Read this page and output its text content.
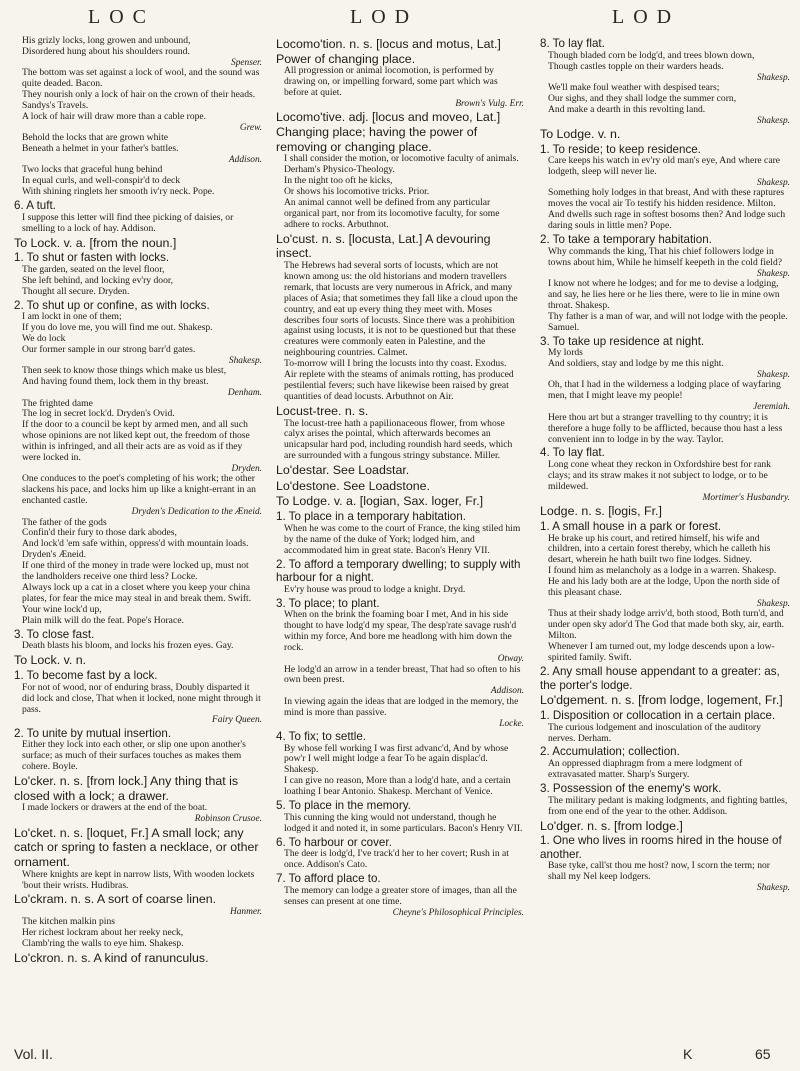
LOC	LOD	LOD

His grizly locks, long growen and unbound,

Disordered hung about his shoulders round.

Spenser.

The bottom was set against a lock of wool, and the sound was quite deaded. Bacon.

They nourish only a lock of hair on the crown of their heads. Sandys's Travels.

A lock of hair will draw more than a cable rope.

Grew.

Behold the locks that are grown white

Beneath a helmet in your father's battles.

Addison.

Two locks that graceful hung behind

In equal curls, and well-conspir'd to deck

With shining ringlets her smooth iv'ry neck. Pope.

6. A tuft.

I suppose this letter will find thee picking of daisies, or smelling to a lock of hay. Addison.

To Lock. v. a. [from the noun.]

1. To shut or fasten with locks.

The garden, seated on the level floor,

She left behind, and locking ev'ry door,

Thought all secure. Dryden.

2. To shut up or confine, as with locks.

I am lockt in one of them;

If you do love me, you will find me out. Shakesp.

We do lock

Our former sample in our strong barr'd gates.

Shakesp.

Then seek to know those things which make us blest,

And having found them, lock them in thy breast.

Denham.

The frighted dame

The log in secret lock'd. Dryden's Ovid.

If the door to a council be kept by armed men, and all such whose opinions are not liked kept out, the freedom of those within is infringed, and all their acts are as void as if they were locked in.

Dryden.

One conduces to the poet's completing of his work; the other slackens his pace, and locks him up like a knight-errant in an enchanted castle.

Dryden's Dedication to the Æneid.

The father of the gods

Confin'd their fury to those dark abodes,

And lock'd 'em safe within, oppress'd with mountain loads. Dryden's Æneid.

If one third of the money in trade were locked up, must not the landholders receive one third less? Locke.

Always lock up a cat in a closet where you keep your china plates, for fear the mice may steal in and break them. Swift.

Your wine lock'd up,

Plain milk will do the feat. Pope's Horace.

3. To close fast.

Death blasts his bloom, and locks his frozen eyes. Gay.

To Lock. v. n.

1. To become fast by a lock.

For not of wood, nor of enduring brass, Doubly disparted it did lock and close, That when it locked, none might through it pass.

Fairy Queen.

2. To unite by mutual insertion.

Either they lock into each other, or slip one upon another's surface; as much of their surfaces touches as makes them cohere. Boyle.

Lo'cker. n. s. [from lock.] Any thing that is closed with a lock; a drawer.

I made lockers or drawers at the end of the boat.

Robinson Crusoe.

Lo'cket. n. s. [loquet, Fr.] A small lock; any catch or spring to fasten a necklace, or other ornament.

Where knights are kept in narrow lists, With wooden lockets 'bout their wrists. Hudibras.

Lo'ckram. n. s. A sort of coarse linen.

Hanmer.

The kitchen malkin pins

Her richest lockram about her reeky neck,

Clamb'ring the walls to eye him. Shakesp.

Lo'ckron. n. s. A kind of ranunculus.

Locomo'tion. n. s. [locus and motus, Lat.] Power of changing place.

All progression or animal locomotion, is performed by drawing on, or impelling forward, some part which was before at quiet.

Brown's Vulg. Err.

Locomo'tive. adj. [locus and moveo, Lat.] Changing place; having the power of removing or changing place.

I shall consider the motion, or locomotive faculty of animals. Derham's Physico-Theology.

In the night too oft he kicks,

Or shows his locomotive tricks. Prior.

An animal cannot well be defined from any particular organical part, nor from its locomotive faculty, for some adhere to rocks. Arbuthnot.

Lo'cust. n. s. [locusta, Lat.] A devouring insect.

The Hebrews had several sorts of locusts, which are not known among us: the old historians and modern travellers remark, that locusts are very numerous in Africk, and many places of Asia; that sometimes they fall like a cloud upon the country, and eat up every thing they meet with. Moses describes four sorts of locusts. Since there was a prohibition against using locusts, it is not to be questioned but that these creatures were commonly eaten in Palestine, and the neighbouring countries. Calmet.

To-morrow will I bring the locusts into thy coast. Exodus.

Air replete with the steams of animals rotting, has produced pestilential fevers; such have likewise been raised by great quantities of dead locusts. Arbuthnot on Air.

Locust-tree. n. s.

The locust-tree hath a papilionaceous flower, from whose calyx arises the pointal, which afterwards becomes an unicapsular hard pod, including roundish hard seeds, which are surrounded with a fungous stringy substance. Miller.

Lo'destar. See Loadstar.

Lo'destone. See Loadstone.

To Lodge. v. a. [logian, Sax. loger, Fr.]

1. To place in a temporary habitation.

When he was come to the court of France, the king stiled him by the name of the duke of York; lodged him, and accommodated him in great state. Bacon's Henry VII.

2. To afford a temporary dwelling; to supply with harbour for a night.

Ev'ry house was proud to lodge a knight. Dryd.

3. To place; to plant.

When on the brink the foaming boar I met, And in his side thought to have lodg'd my spear, The desp'rate savage rush'd within my force, And bore me headlong with him down the rock.

Otway.

He lodg'd an arrow in a tender breast, That had so often to his own been prest.

Addison.

In viewing again the ideas that are lodged in the memory, the mind is more than passive.

Locke.

4. To fix; to settle.

By whose fell working I was first advanc'd, And by whose pow'r I well might lodge a fear To be again displac'd. Shakesp.

I can give no reason, More than a lodg'd hate, and a certain loathing I bear Antonio. Shakesp. Merchant of Venice.

5. To place in the memory.

This cunning the king would not understand, though he lodged it and noted it, in some particulars. Bacon's Henry VII.

6. To harbour or cover.

The deer is lodg'd, I've track'd her to her covert; Rush in at once. Addison's Cato.

7. To afford place to.

The memory can lodge a greater store of images, than all the senses can present at one time.

Cheyne's Philosophical Principles.

8. To lay flat.

Though bladed corn be lodg'd, and trees blown down,

Though castles topple on their warders heads.

Shakesp.

We'll make foul weather with despised tears;

Our sighs, and they shall lodge the summer corn,

And make a dearth in this revolting land.

Shakesp.

To Lodge. v. n.

1. To reside; to keep residence.

Care keeps his watch in ev'ry old man's eye, And where care lodgeth, sleep will never lie.

Shakesp.

Something holy lodges in that breast, And with these raptures moves the vocal air To testify his hidden residence. Milton.

And dwells such rage in softest bosoms then? And lodge such daring souls in little men? Pope.

2. To take a temporary habitation.

Why commands the king, That his chief followers lodge in towns about him, While he himself keepeth in the cold field?

Shakesp.

I know not where he lodges; and for me to devise a lodging, and say, he lies here or he lies there, were to lie in mine own throat. Shakesp.

Thy father is a man of war, and will not lodge with the people. Samuel.

3. To take up residence at night.

My lords

And soldiers, stay and lodge by me this night.

Shakesp.

Oh, that I had in the wilderness a lodging place of wayfaring men, that I might leave my people!

Jeremiah.

Here thou art but a stranger travelling to thy country; it is therefore a huge folly to be afflicted, because thou hast a less convenient inn to lodge in by the way. Taylor.

4. To lay flat.

Long cone wheat they reckon in Oxfordshire best for rank clays; and its straw makes it not subject to lodge, or to be mildewed.

Mortimer's Husbandry.

Lodge. n. s. [logis, Fr.]

1. A small house in a park or forest.

He brake up his court, and retired himself, his wife and children, into a certain forest thereby, which he calleth his desart, wherein he hath built two fine lodges. Sidney.

I found him as melancholy as a lodge in a warren. Shakesp.

He and his lady both are at the lodge, Upon the north side of this pleasant chase.

Shakesp.

Thus at their shady lodge arriv'd, both stood, Both turn'd, and under open sky ador'd The God that made both sky, air, earth. Milton.

Whenever I am turned out, my lodge descends upon a low-spirited family. Swift.

2. Any small house appendant to a greater: as, the porter's lodge.

Lo'dgement. n. s. [from lodge, logement, Fr.]

1. Disposition or collocation in a certain place.

The curious lodgement and inosculation of the auditory nerves. Derham.

2. Accumulation; collection.

An oppressed diaphragm from a mere lodgment of extravasated matter. Sharp's Surgery.

3. Possession of the enemy's work.

The military pedant is making lodgments, and fighting battles, from one end of the year to the other. Addison.

Lo'dger. n. s. [from lodge.]

1. One who lives in rooms hired in the house of another.

Base tyke, call'st thou me host? now, I scorn the term; nor shall my Nel keep lodgers.

Shakesp.

Vol. II.	K	65
